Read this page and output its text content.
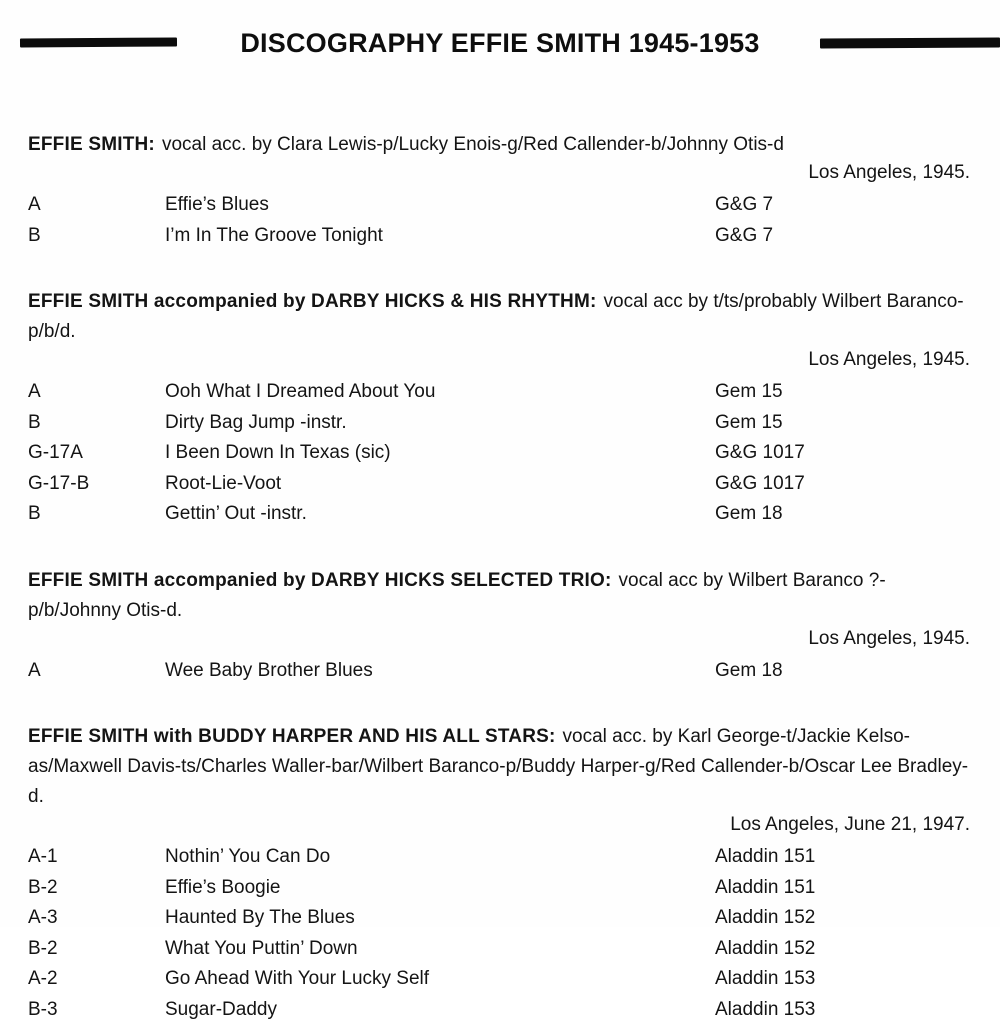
DISCOGRAPHY EFFIE SMITH 1945-1953

EFFIE SMITH: vocal acc. by Clara Lewis-p/Lucky Enois-g/Red Callender-b/Johnny Otis-d

Los Angeles, 1945.

A	Effie’s Blues	G&G 7
B	I’m In The Groove Tonight	G&G 7

EFFIE SMITH accompanied by DARBY HICKS & HIS RHYTHM: vocal acc by t/ts/probably Wilbert Baranco-p/b/d.

Los Angeles, 1945.

A	Ooh What I Dreamed About You	Gem 15
B	Dirty Bag Jump -instr.	Gem 15
G-17A	I Been Down In Texas (sic)	G&G 1017
G-17-B	Root-Lie-Voot	G&G 1017
B	Gettin’ Out -instr.	Gem 18

EFFIE SMITH accompanied by DARBY HICKS SELECTED TRIO: vocal acc by Wilbert Baranco ?-p/b/Johnny Otis-d.

Los Angeles, 1945.

A	Wee Baby Brother Blues	Gem 18

EFFIE SMITH with BUDDY HARPER AND HIS ALL STARS: vocal acc. by Karl George-t/Jackie Kelso-as/Maxwell Davis-ts/Charles Waller-bar/Wilbert Baranco-p/Buddy Harper-g/Red Callender-b/Oscar Lee Bradley-d.

Los Angeles, June 21, 1947.

A-1	Nothin’ You Can Do	Aladdin 151
B-2	Effie’s Boogie	Aladdin 151
A-3	Haunted By The Blues	Aladdin 152
B-2	What You Puttin’ Down	Aladdin 152
A-2	Go Ahead With Your Lucky Self	Aladdin 153
B-3	Sugar-Daddy	Aladdin 153
